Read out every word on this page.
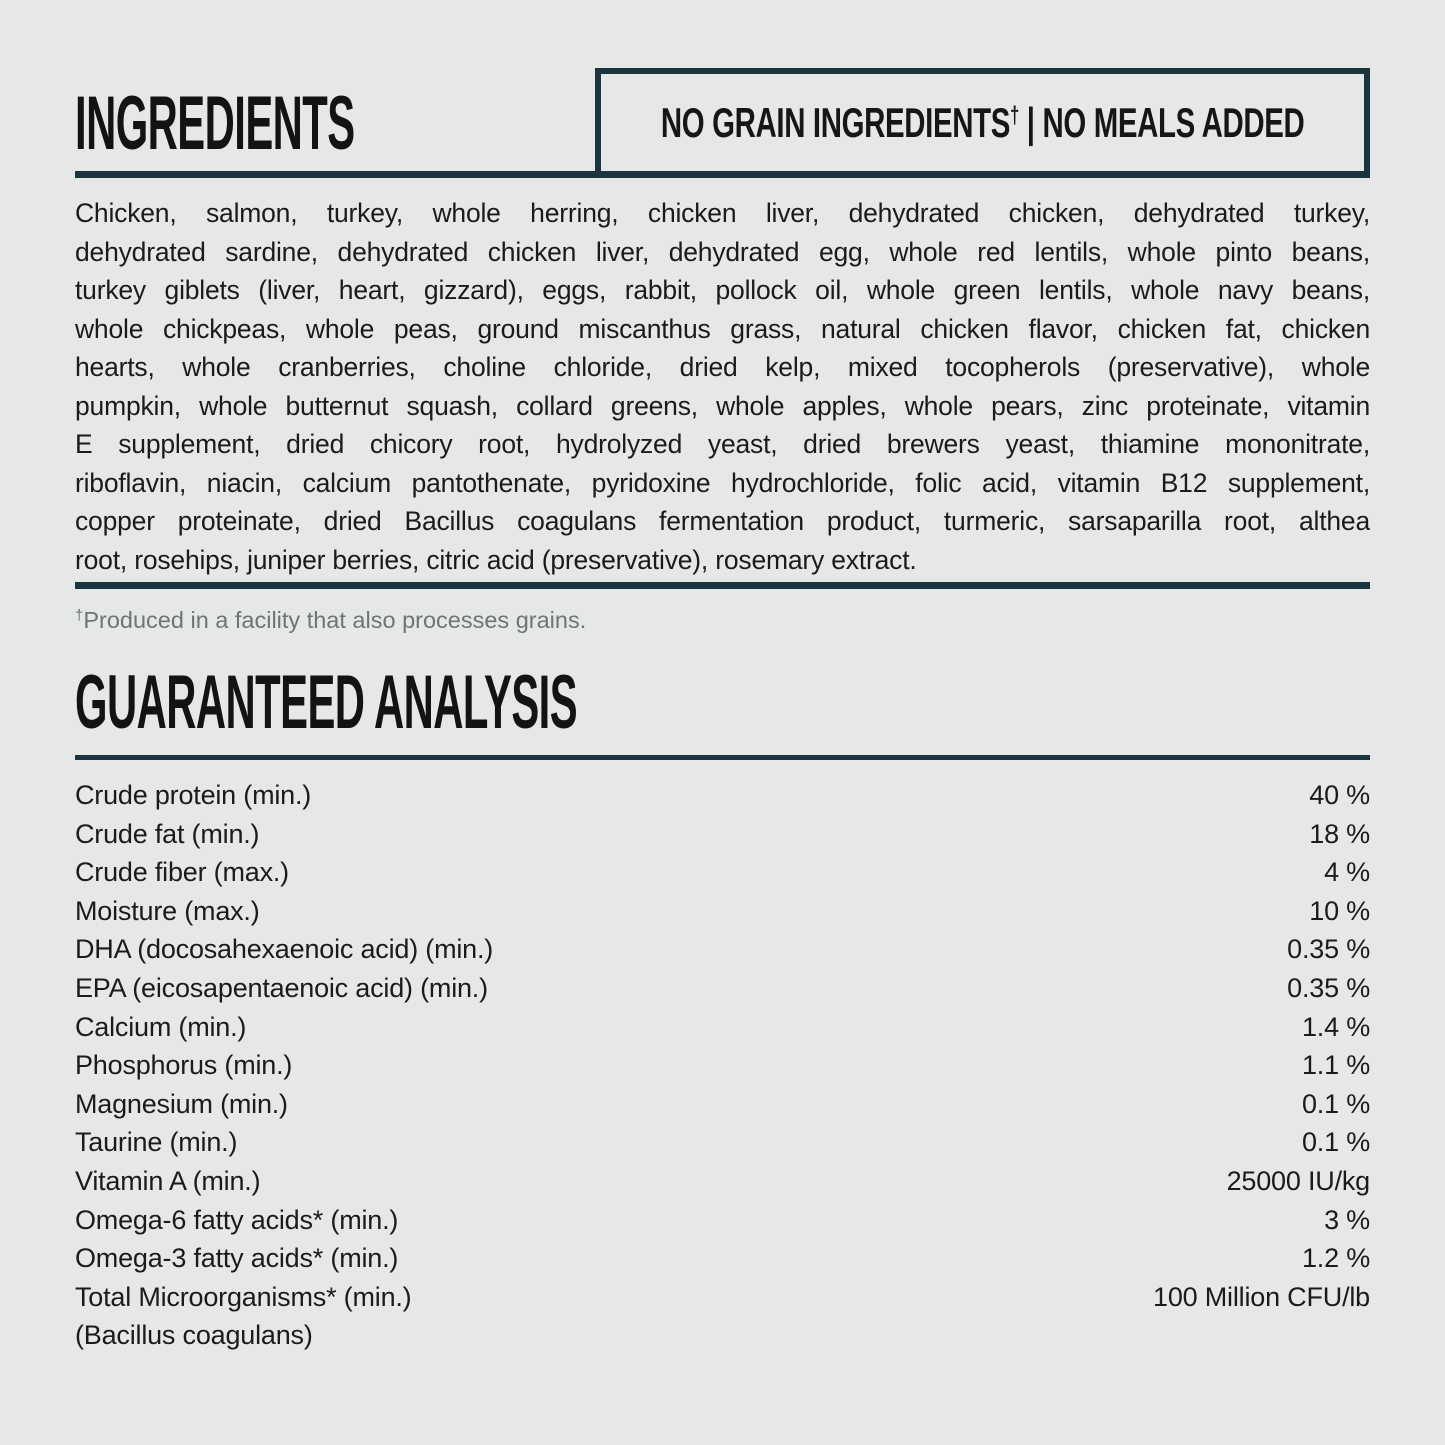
INGREDIENTS	NO GRAIN INGREDIENTS† | NO MEALS ADDED
Chicken, salmon, turkey, whole herring, chicken liver, dehydrated chicken, dehydrated turkey,
dehydrated sardine, dehydrated chicken liver, dehydrated egg, whole red lentils, whole pinto beans,
turkey giblets (liver, heart, gizzard), eggs, rabbit, pollock oil, whole green lentils, whole navy beans,
whole chickpeas, whole peas, ground miscanthus grass, natural chicken flavor, chicken fat, chicken
hearts, whole cranberries, choline chloride, dried kelp, mixed tocopherols (preservative), whole
pumpkin, whole butternut squash, collard greens, whole apples, whole pears, zinc proteinate, vitamin
E supplement, dried chicory root, hydrolyzed yeast, dried brewers yeast, thiamine mononitrate,
riboflavin, niacin, calcium pantothenate, pyridoxine hydrochloride, folic acid, vitamin B12 supplement,
copper proteinate, dried Bacillus coagulans fermentation product, turmeric, sarsaparilla root, althea
root, rosehips, juniper berries, citric acid (preservative), rosemary extract.
†Produced in a facility that also processes grains.
GUARANTEED ANALYSIS
Crude protein (min.)	40 %
Crude fat (min.)	18 %
Crude fiber (max.)	4 %
Moisture (max.)	10 %
DHA (docosahexaenoic acid) (min.)	0.35 %
EPA (eicosapentaenoic acid) (min.)	0.35 %
Calcium (min.)	1.4 %
Phosphorus (min.)	1.1 %
Magnesium (min.)	0.1 %
Taurine (min.)	0.1 %
Vitamin A (min.)	25000 IU/kg
Omega-6 fatty acids* (min.)	3 %
Omega-3 fatty acids* (min.)	1.2 %
Total Microorganisms* (min.)	100 Million CFU/lb
(Bacillus coagulans)
